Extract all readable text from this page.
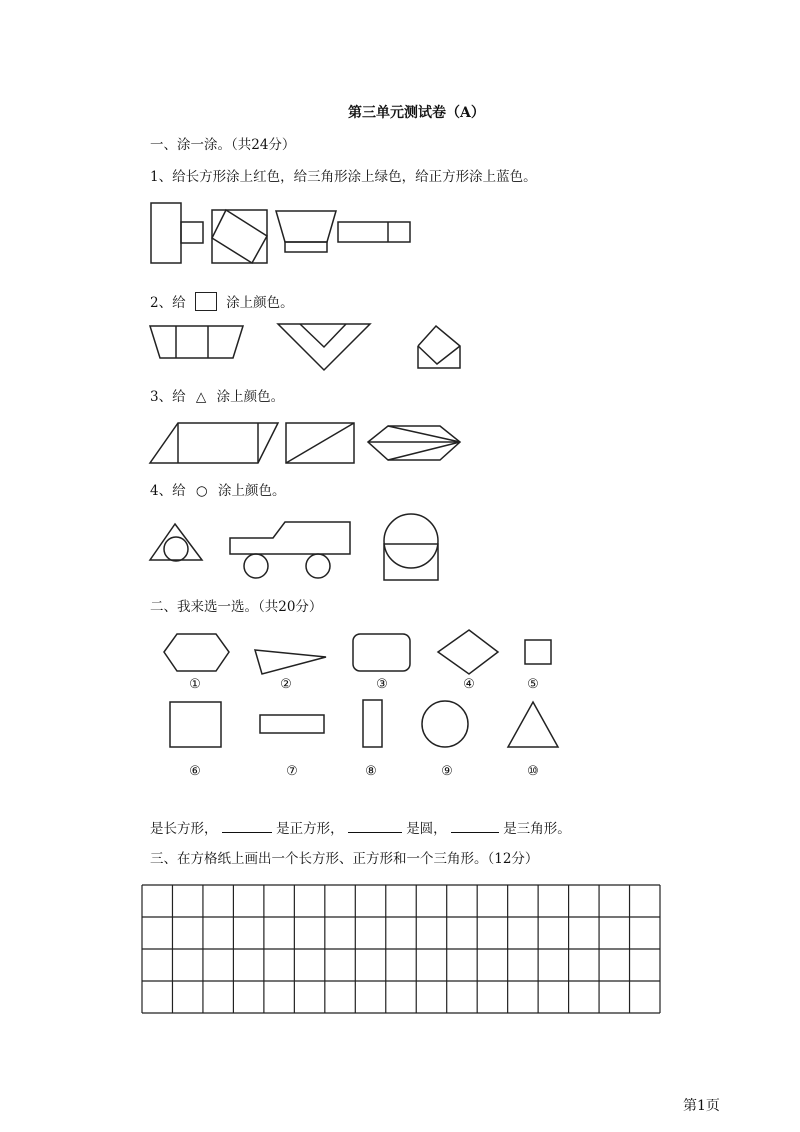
第三单元测试卷（A）
一、涂一涂。（共24分）
1、给长方形涂上红色，给三角形涂上绿色，给正方形涂上蓝色。
2、给	涂上颜色。
3、给 △ 涂上颜色。
4、给 ○ 涂上颜色。
二、我来选一选。（共20分）
①	②	③	④	⑤
⑥	⑦	⑧	⑨	⑩
是长方形，	是正方形，	是圆，	是三角形。
三、在方格纸上画出一个长方形、正方形和一个三角形。（12分）
第1页
